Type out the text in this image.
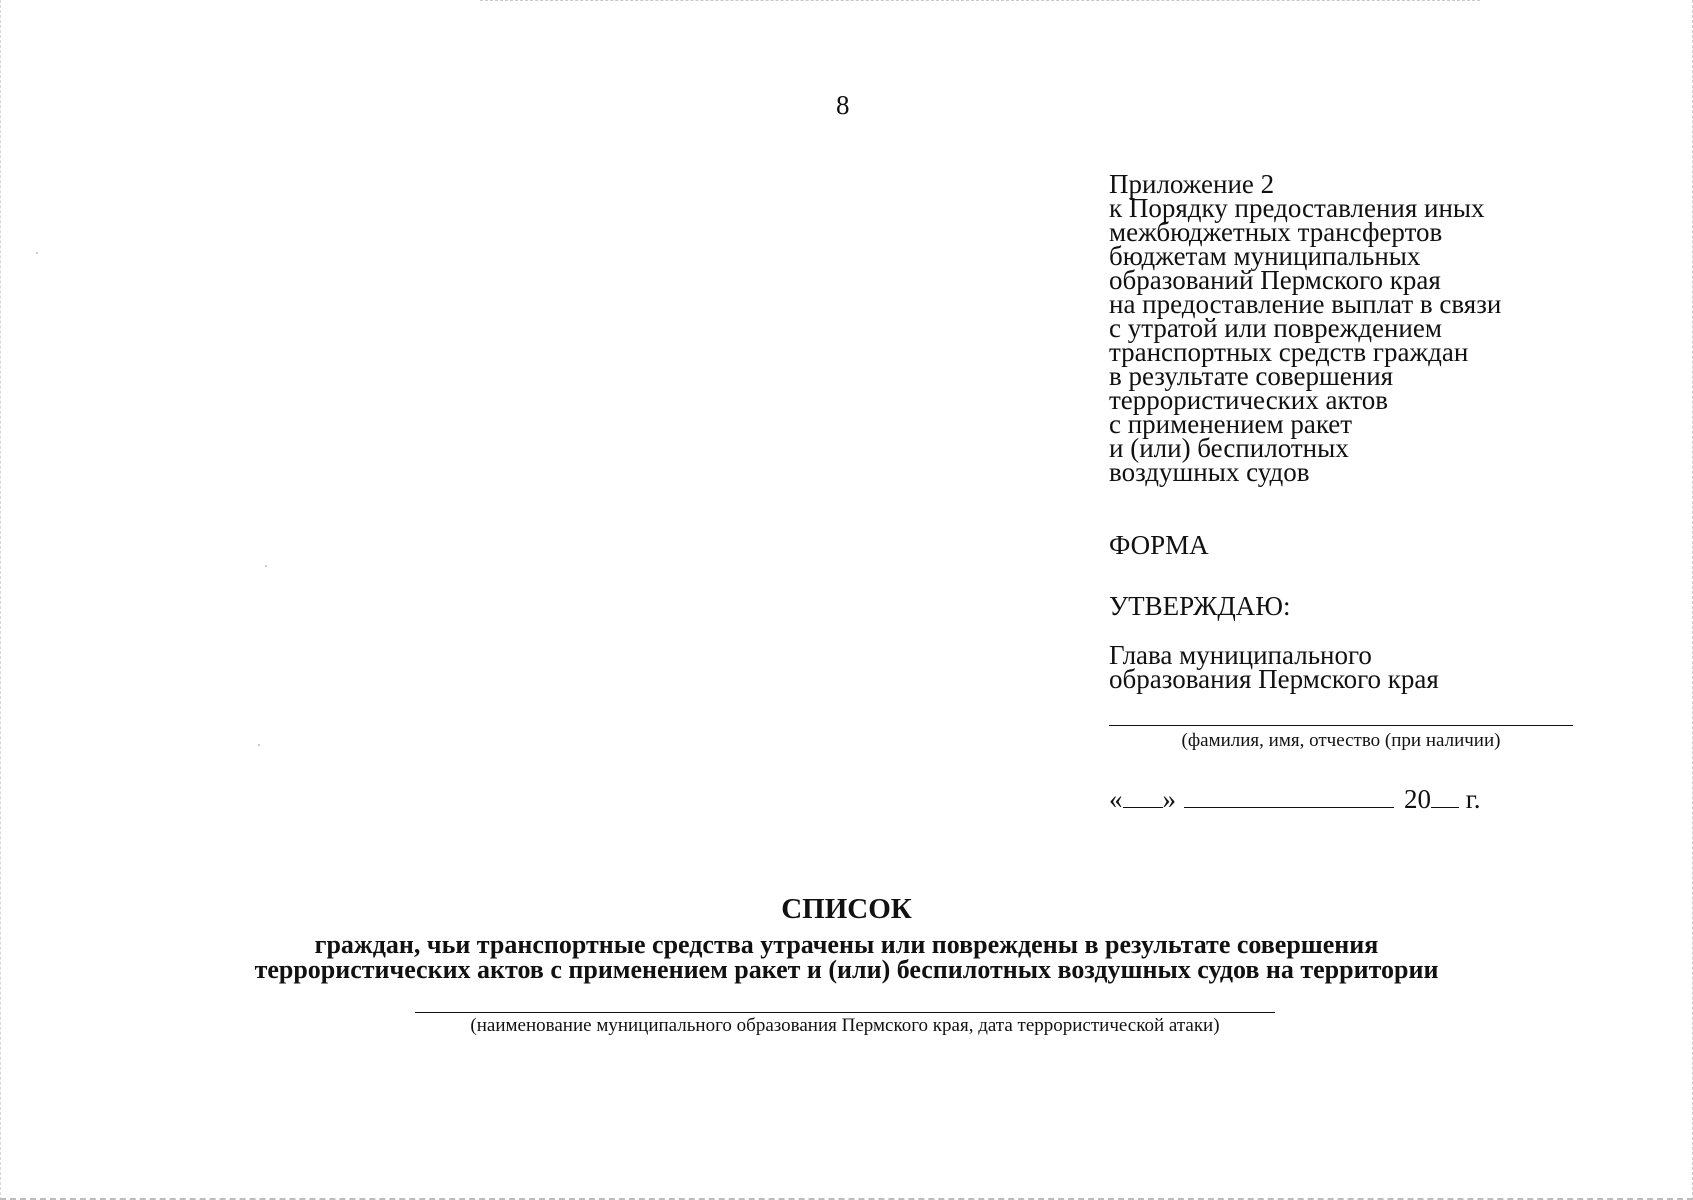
8
Приложение 2
к Порядку предоставления иных
межбюджетных трансфертов
бюджетам муниципальных
образований Пермского края
на предоставление выплат в связи
с утратой или повреждением
транспортных средств граждан
в результате совершения
террористических актов
с применением ракет
и (или) беспилотных
воздушных судов
ФОРМА
УТВЕРЖДАЮ:
Глава муниципального
образования Пермского края
(фамилия, имя, отчество (при наличии)
« »	20 г.
СПИСОК
граждан, чьи транспортные средства утрачены или повреждены в результате совершения
террористических актов с применением ракет и (или) беспилотных воздушных судов на территории
(наименование муниципального образования Пермского края, дата террористической атаки)
